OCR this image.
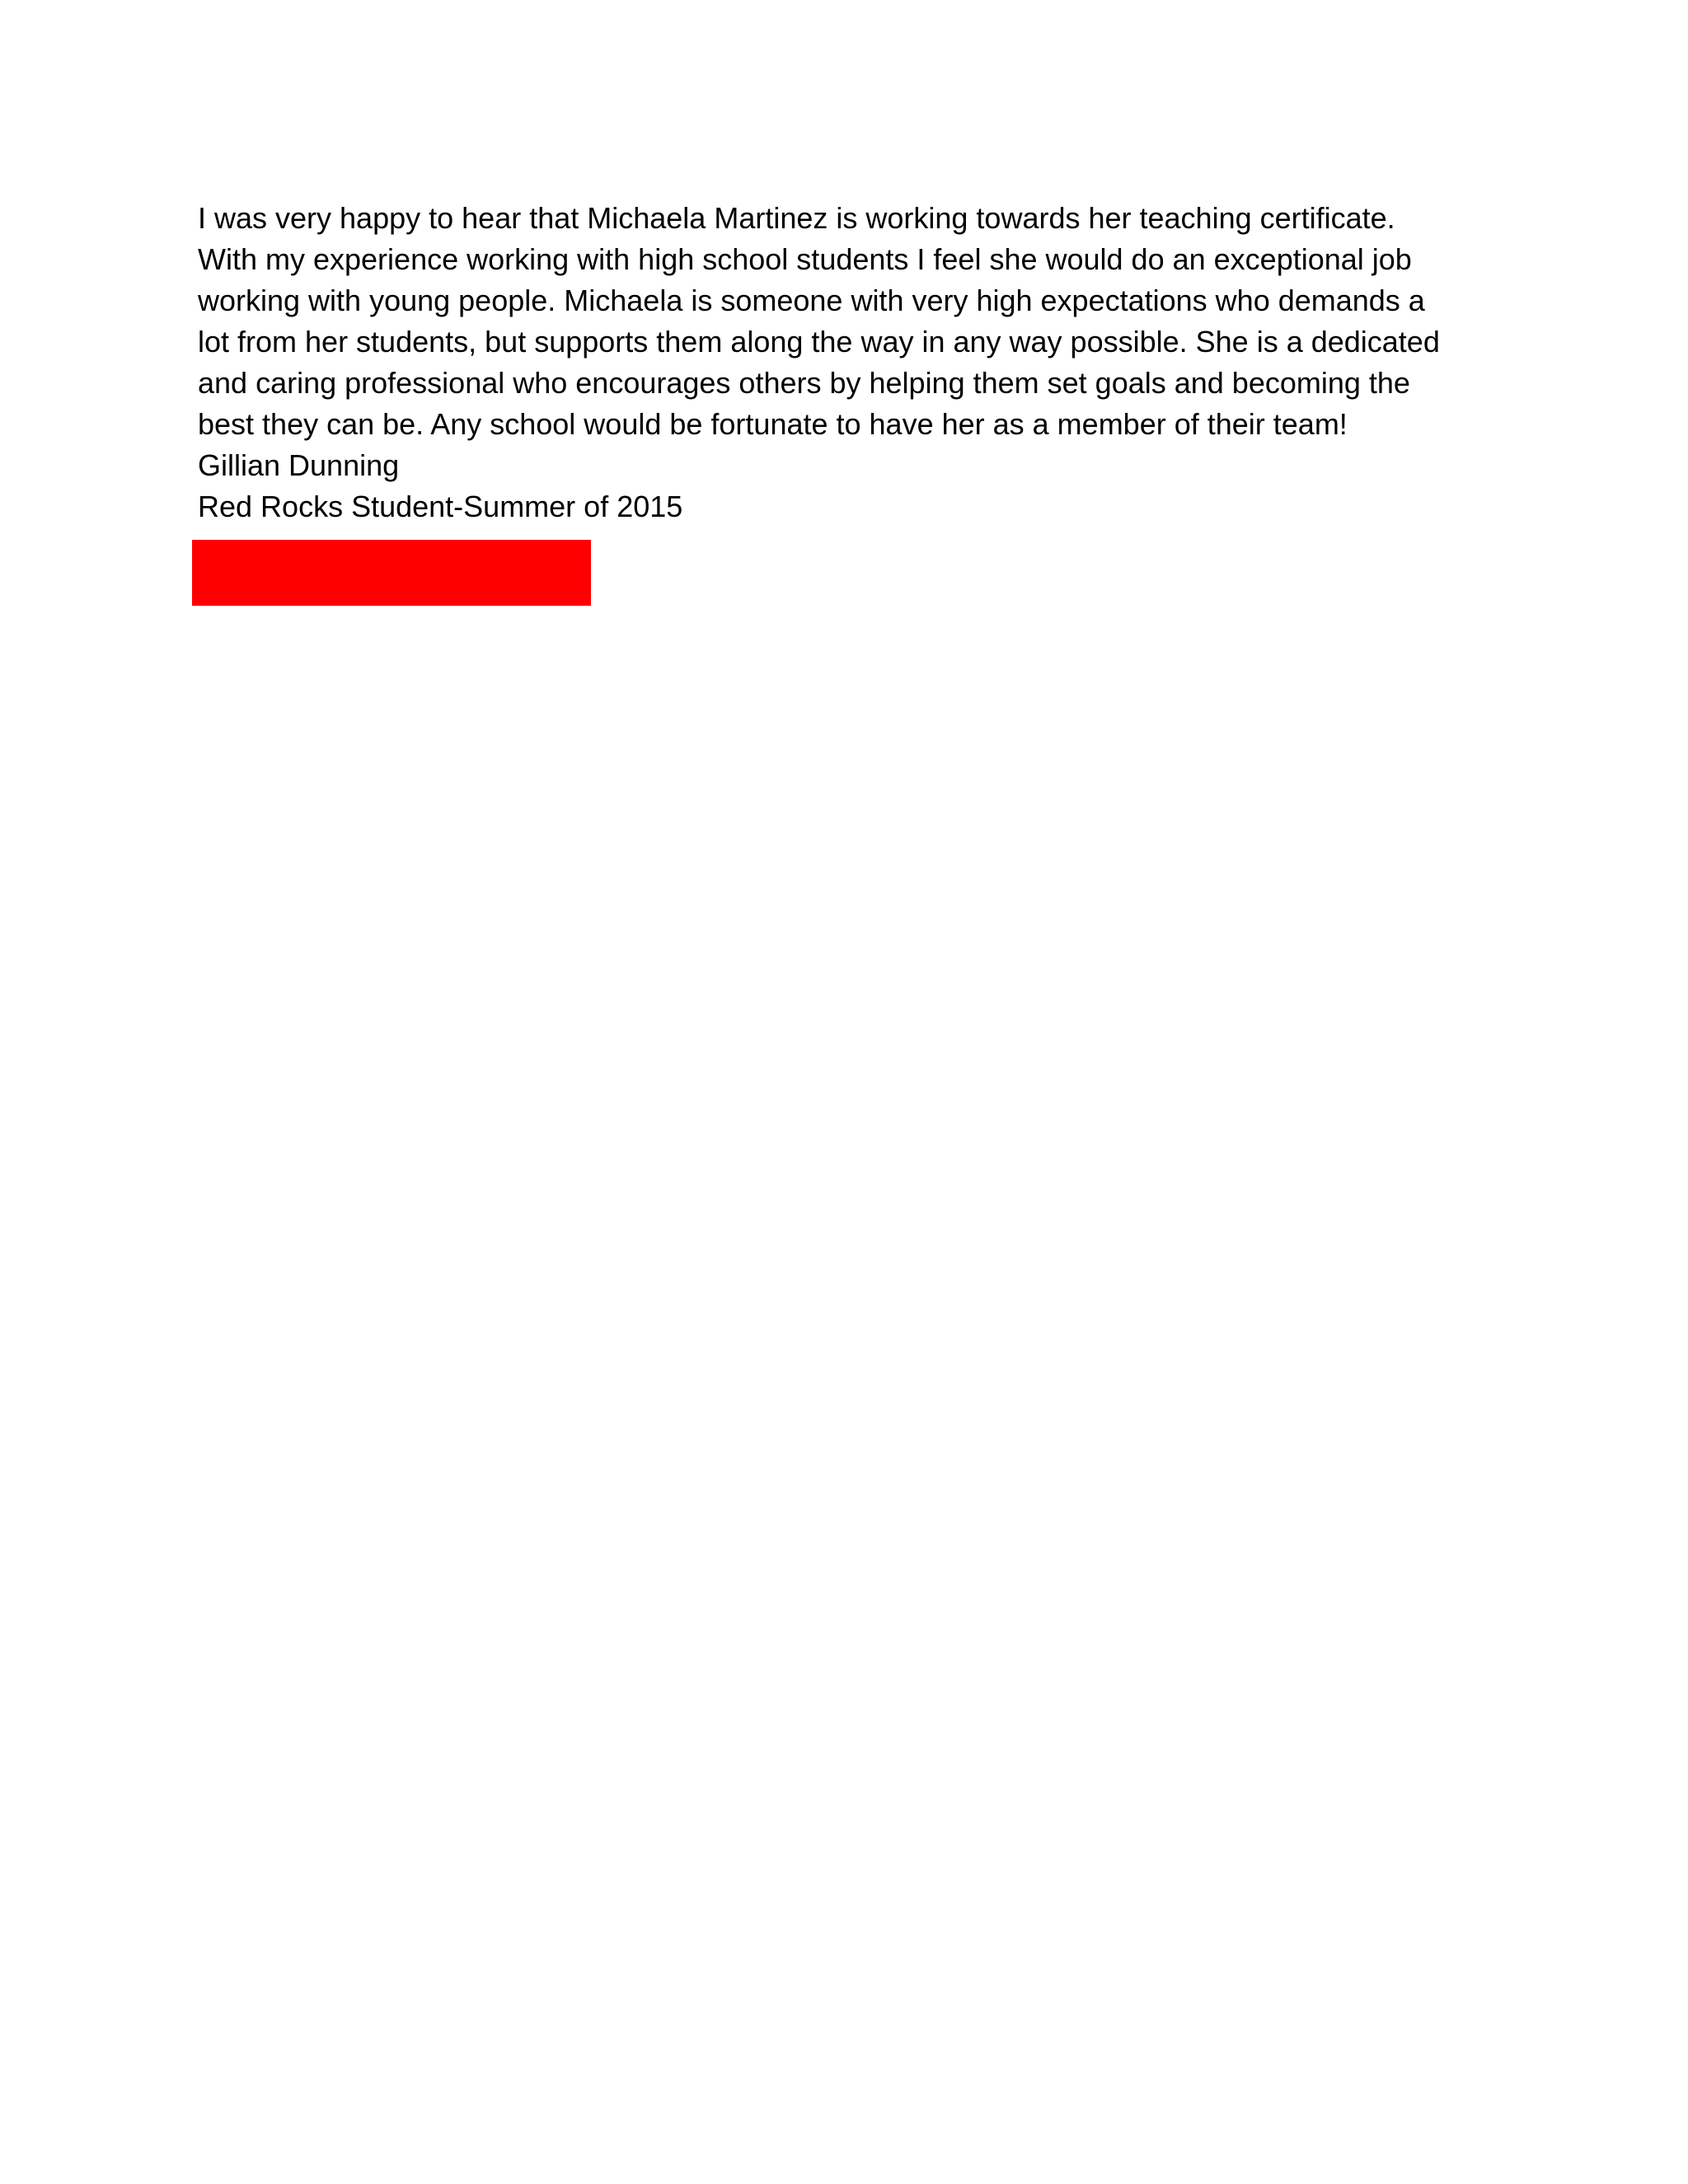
I was very happy to hear that Michaela Martinez is working towards her teaching certificate.
With my experience working with high school students I feel she would do an exceptional job
working with young people. Michaela is someone with very high expectations who demands a
lot from her students, but supports them along the way in any way possible. She is a dedicated
and caring professional who encourages others by helping them set goals and becoming the
best they can be. Any school would be fortunate to have her as a member of their team!
Gillian Dunning
Red Rocks Student-Summer of 2015
